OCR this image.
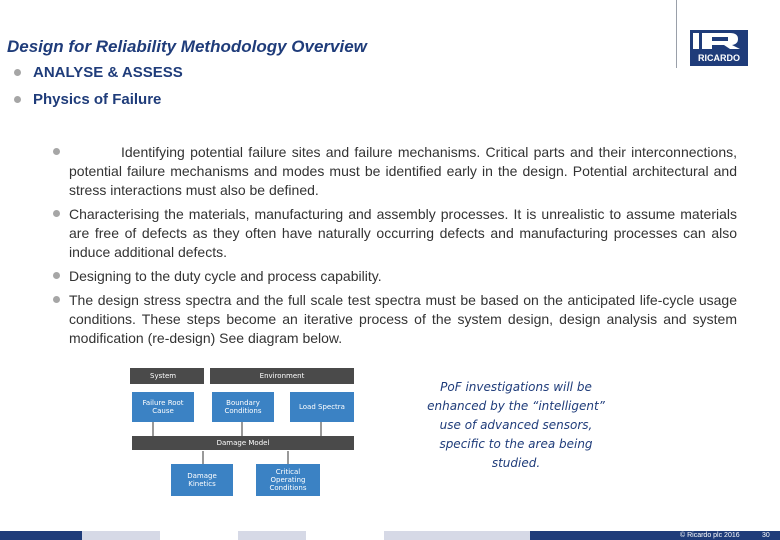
Design for Reliability Methodology Overview
RICARDO
ANALYSE & ASSESS
Physics of Failure
Identifying potential failure sites and failure mechanisms. Critical parts and their interconnections, potential failure mechanisms and modes must be identified early in the design. Potential architectural and stress interactions must also be defined.
Characterising the materials, manufacturing and assembly processes. It is unrealistic to assume materials are free of defects as they often have naturally occurring defects and manufacturing processes can also induce additional defects.
Designing to the duty cycle and process capability.
The design stress spectra and the full scale test spectra must be based on the anticipated life-cycle usage conditions. These steps become an iterative process of the system design, design analysis and system modification (re-design) See diagram below.
System	Environment
Failure Root Cause
Boundary Conditions	Load Spectra
Damage Model
Damage Kinetics
Critical Operating Conditions
PoF investigations will be enhanced by the “intelligent” use of advanced sensors, specific to the area being studied.
© Ricardo plc 2016	30
